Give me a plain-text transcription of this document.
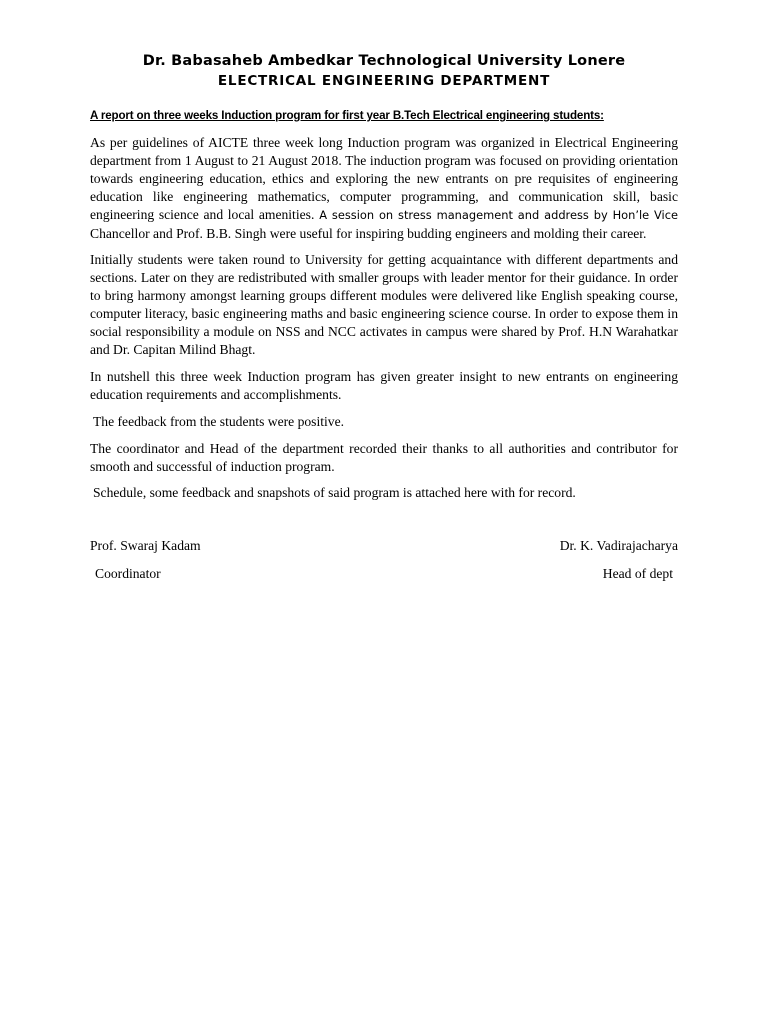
Dr. Babasaheb Ambedkar Technological University Lonere
ELECTRICAL ENGINEERING DEPARTMENT
A report on three weeks Induction program for first year B.Tech Electrical engineering students:

As per guidelines of AICTE three week long Induction program was organized in Electrical Engineering department from 1 August to 21 August 2018. The induction program was focused on providing orientation towards engineering education, ethics and exploring the new entrants on pre requisites of engineering education like engineering mathematics, computer programming, and communication skill, basic engineering science and local amenities. A session on stress management and address by Hon’le Vice Chancellor and Prof. B.B. Singh were useful for inspiring budding engineers and molding their career.

Initially students were taken round to University for getting acquaintance with different departments and sections. Later on they are redistributed with smaller groups with leader mentor for their guidance. In order to bring harmony amongst learning groups different modules were delivered like English speaking course, computer literacy, basic engineering maths and basic engineering science course. In order to expose them in social responsibility a module on NSS and NCC activates in campus were shared by Prof. H.N Warahatkar and Dr. Capitan Milind Bhagt.

In nutshell this three week Induction program has given greater insight to new entrants on engineering education requirements and accomplishments.

The feedback from the students were positive.

The coordinator and Head of the department recorded their thanks to all authorities and contributor for smooth and successful of induction program.

Schedule, some feedback and snapshots of said program is attached here with for record.

Prof. Swaraj Kadam
Coordinator
Dr. K. Vadirajacharya
Head of dept
